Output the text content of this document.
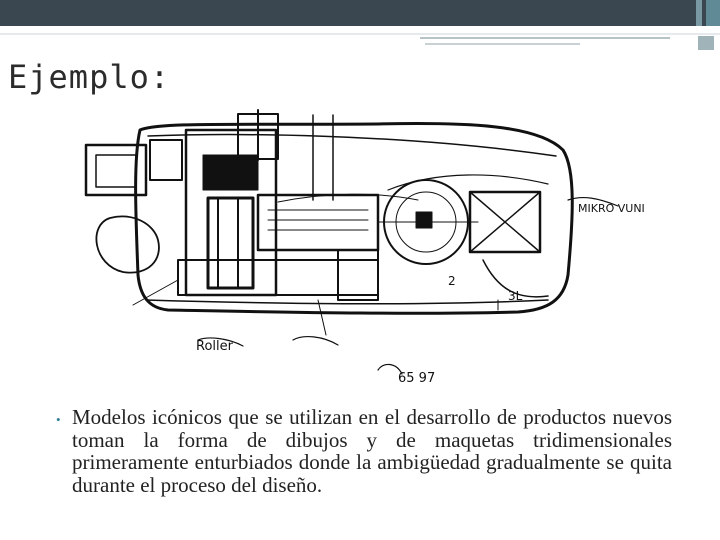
Ejemplo:
MIKRO VUNI
Roller
3L
2
65 97
• Modelos icónicos que se utilizan en el desarrollo de productos nuevos toman la forma de dibujos y de maquetas tridimensionales primeramente enturbiados donde la ambigüedad gradualmente se quita durante el proceso del diseño.
